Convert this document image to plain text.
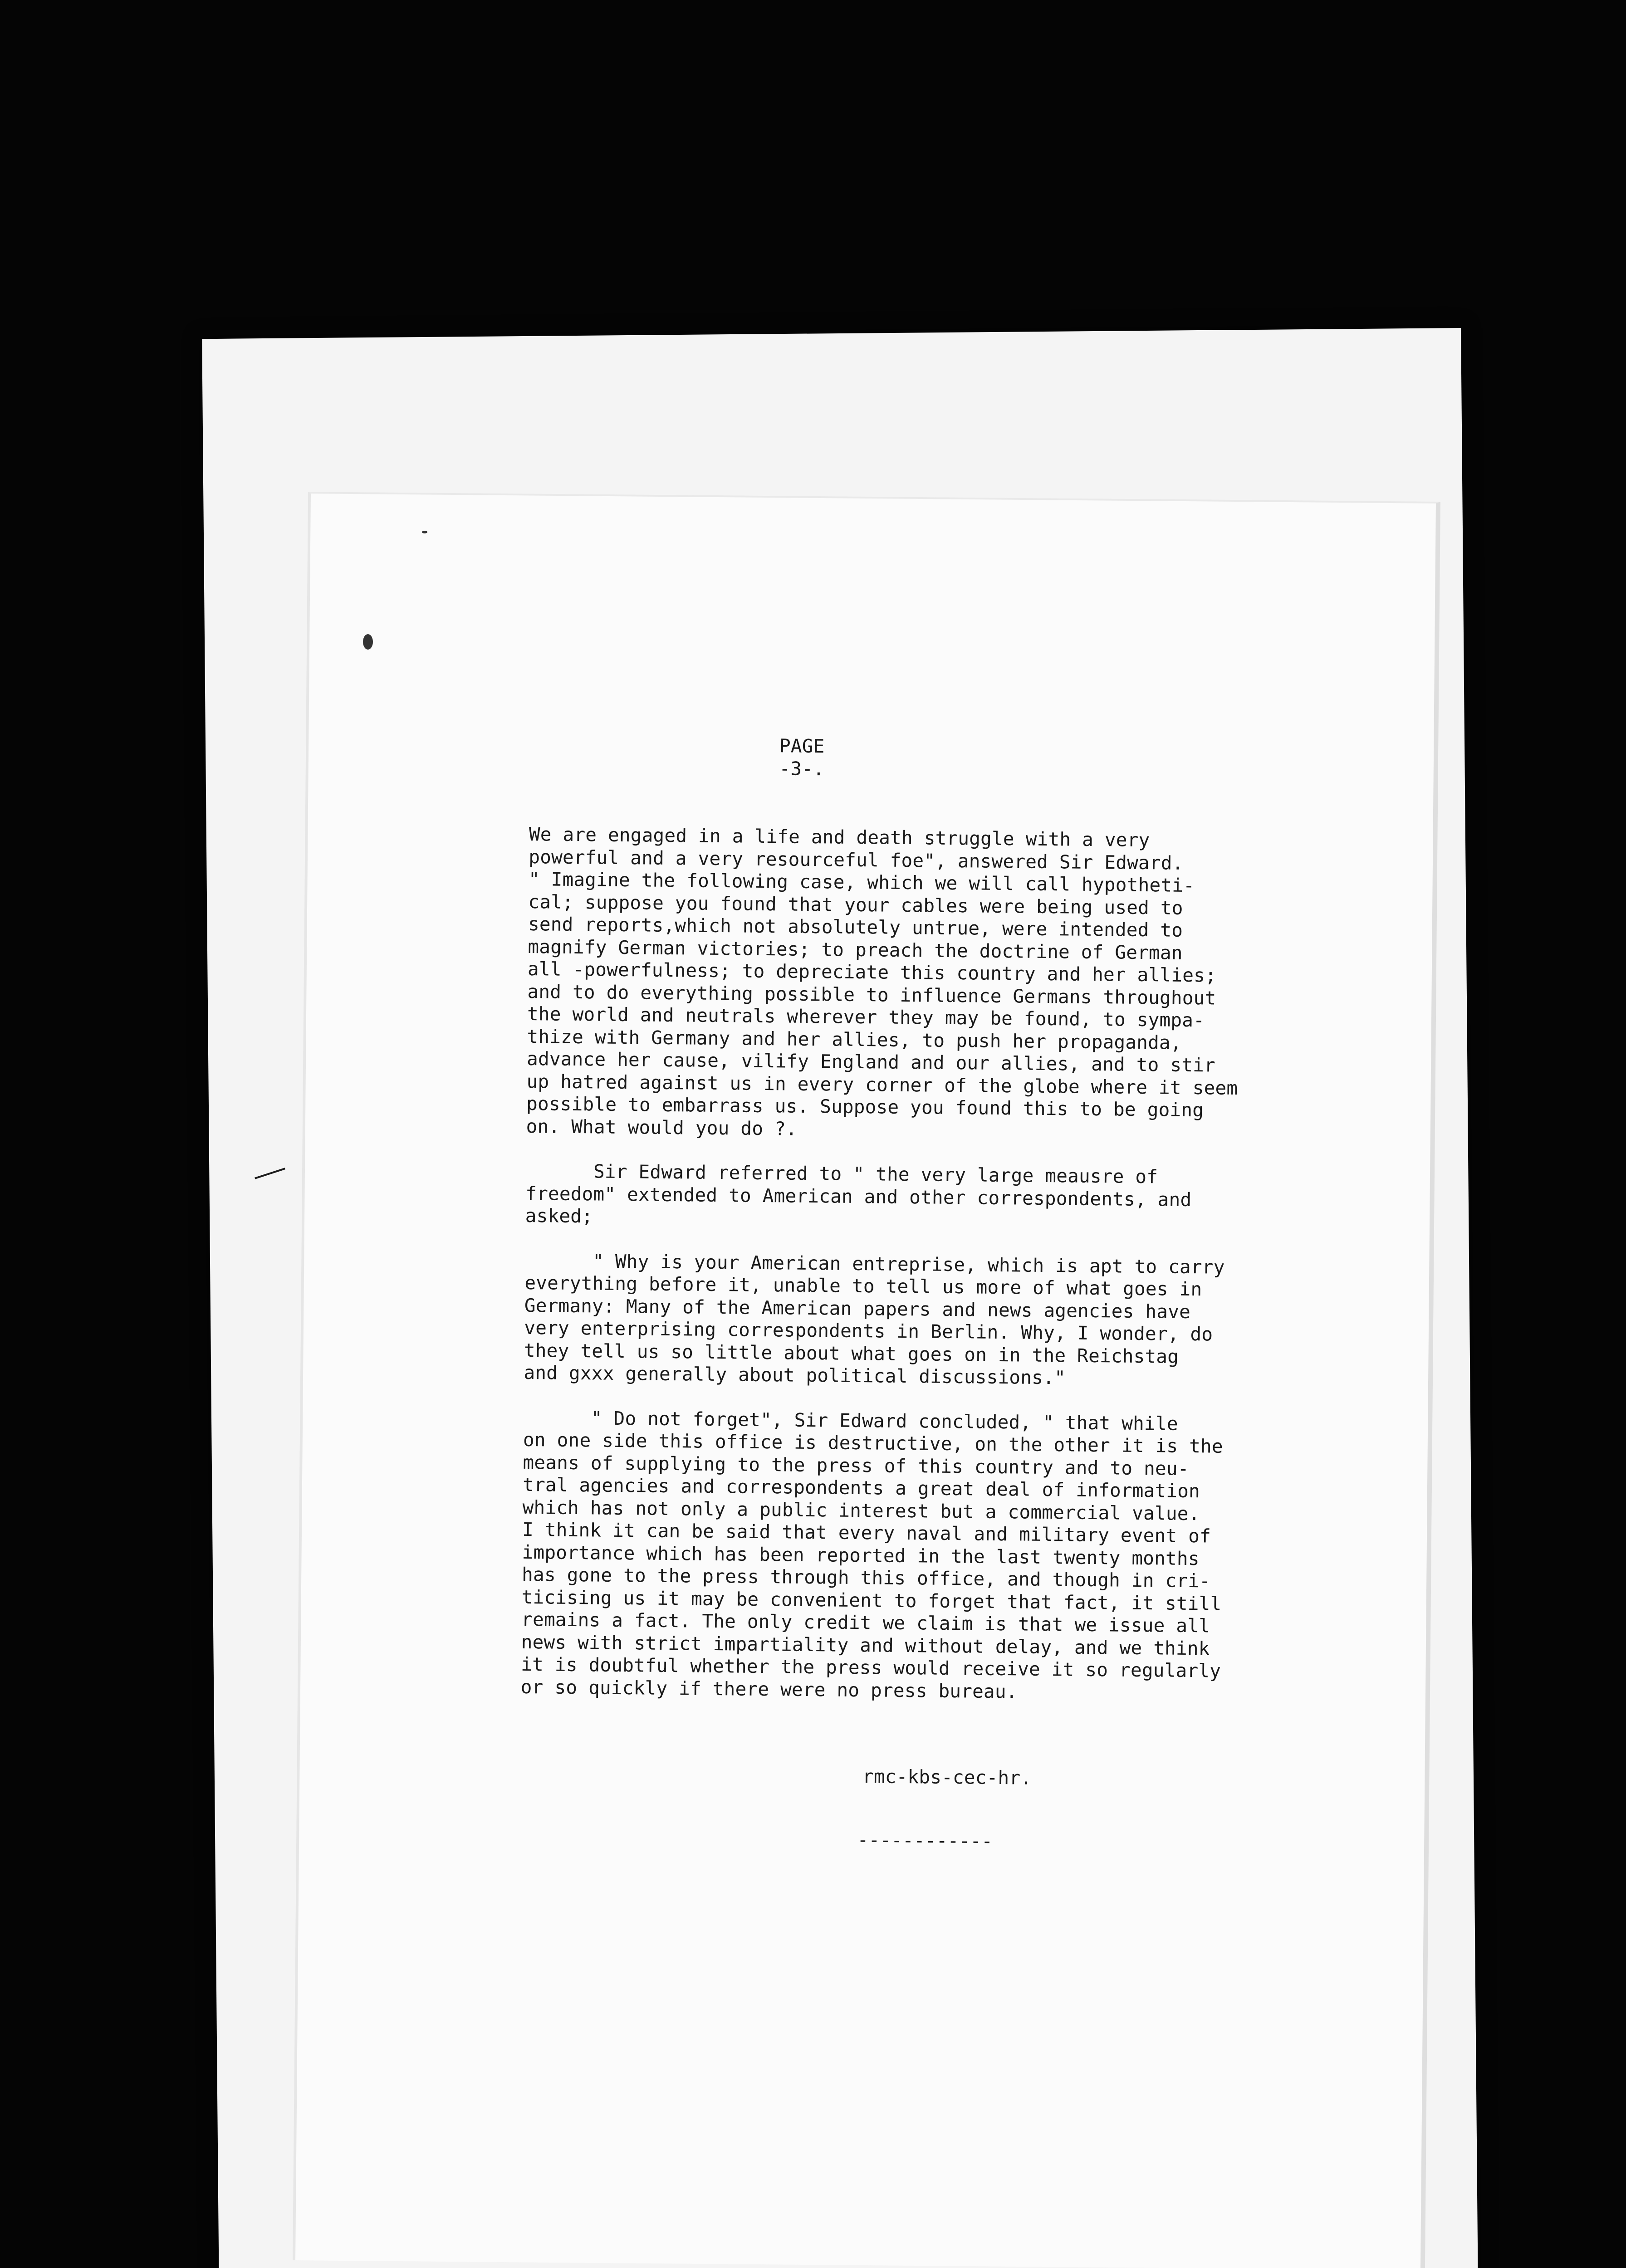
PAGE
-3-.

We are engaged in a life and death struggle with a very

powerful and a very resourceful foe", answered Sir Edward.

" Imagine the following case, which we will call hypotheti-

cal; suppose you found that your cables were being used to

send reports,which not absolutely untrue, were intended to

magnify German victories; to preach the doctrine of German

all -powerfulness; to depreciate this country and her allies;

and to do everything possible to influence Germans throughout

the world and neutrals wherever they may be found, to sympa-

thize with Germany and her allies, to push her propaganda,

advance her cause, vilify England and our allies, and to stir

up hatred against us in every corner of the globe where it seem

possible to embarrass us. Suppose you found this to be going

on. What would you do ?.

Sir Edward referred to " the very large meausre of

freedom" extended to American and other correspondents, and

asked;

" Why is your American entreprise, which is apt to carry

everything before it, unable to tell us more of what goes in

Germany: Many of the American papers and news agencies have

very enterprising correspondents in Berlin. Why, I wonder, do

they tell us so little about what goes on in the Reichstag

and gxxx generally about political discussions."

" Do not forget", Sir Edward concluded, " that while

on one side this office is destructive, on the other it is the

means of supplying to the press of this country and to neu-

tral agencies and correspondents a great deal of information

which has not only a public interest but a commercial value.

I think it can be said that every naval and military event of

importance which has been reported in the last twenty months

has gone to the press through this office, and though in cri-

ticising us it may be convenient to forget that fact, it still

remains a fact. The only credit we claim is that we issue all

news with strict impartiality and without delay, and we think

it is doubtful whether the press would receive it so regularly

or so quickly if there were no press bureau.

rmc-kbs-cec-hr.
------------
